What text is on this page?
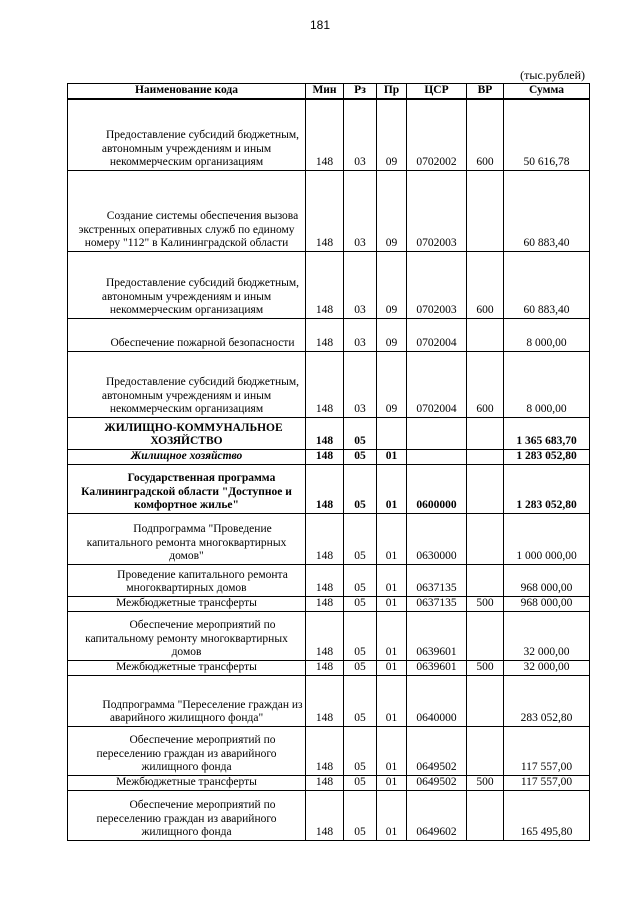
181
(тыс.рублей)
Наименование кода	Мин	Рз	Пр	ЦСР	ВР	Сумма
Предоставление субсидий бюджетным, автономным учреждениям и иным некоммерческим организациям	148	03	09	0702002	600	50 616,78
Создание системы обеспечения вызова экстренных оперативных служб по единому номеру "112" в Калининградской области	148	03	09	0702003		60 883,40
Предоставление субсидий бюджетным, автономным учреждениям и иным некоммерческим организациям	148	03	09	0702003	600	60 883,40
Обеспечение пожарной безопасности	148	03	09	0702004		8 000,00
Предоставление субсидий бюджетным, автономным учреждениям и иным некоммерческим организациям	148	03	09	0702004	600	8 000,00
ЖИЛИЩНО-КОММУНАЛЬНОЕ ХОЗЯЙСТВО	148	05				1 365 683,70
Жилищное хозяйство	148	05	01			1 283 052,80
Государственная программа Калининградской области "Доступное и комфортное жилье"	148	05	01	0600000		1 283 052,80
Подпрограмма "Проведение капитального ремонта многоквартирных домов"	148	05	01	0630000		1 000 000,00
Проведение капитального ремонта многоквартирных домов	148	05	01	0637135		968 000,00
Межбюджетные трансферты	148	05	01	0637135	500	968 000,00
Обеспечение мероприятий по капитальному ремонту многоквартирных домов	148	05	01	0639601		32 000,00
Межбюджетные трансферты	148	05	01	0639601	500	32 000,00
Подпрограмма "Переселение граждан из аварийного жилищного фонда"	148	05	01	0640000		283 052,80
Обеспечение мероприятий по переселению граждан из аварийного жилищного фонда	148	05	01	0649502		117 557,00
Межбюджетные трансферты	148	05	01	0649502	500	117 557,00
Обеспечение мероприятий по переселению граждан из аварийного жилищного фонда	148	05	01	0649602		165 495,80
